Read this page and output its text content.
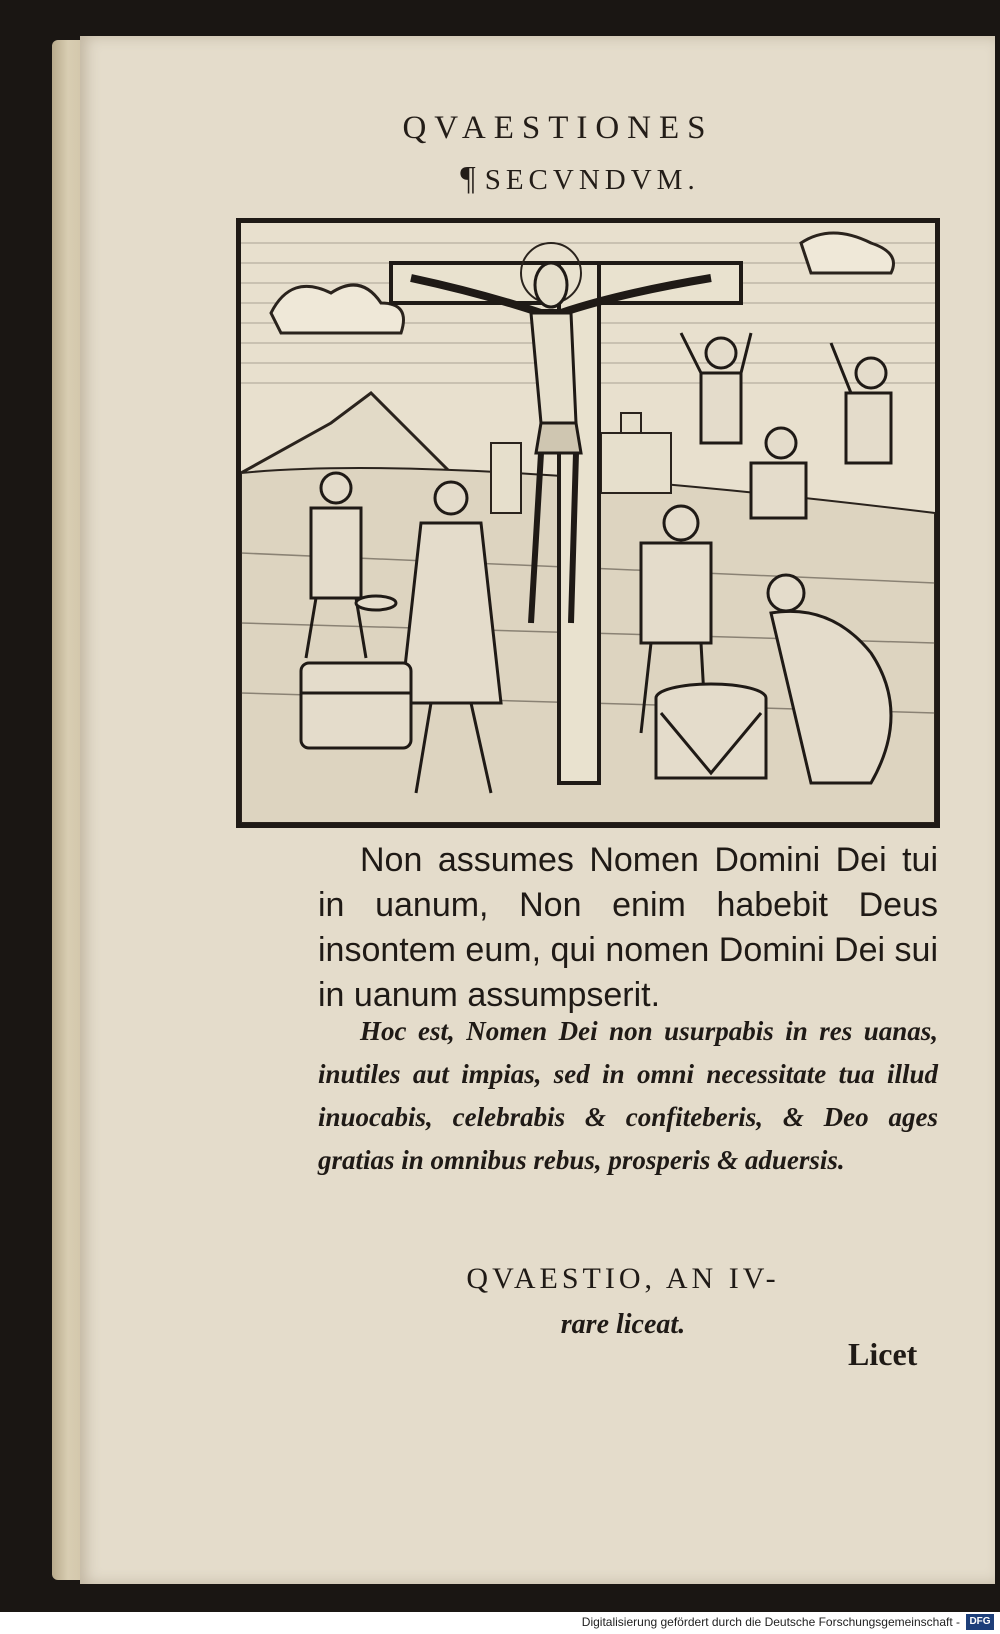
QVAESTIONES
¶ SECVNDVM.
Non assumes Nomen Domini Dei tui in uanum, Non enim habebit Deus insontem eum, qui nomen Domini Dei sui in uanum assumpserit.
Hoc est, Nomen Dei non usurpabis in res uanas, inutiles aut impias, sed in omni necessitate tua illud inuocabis, celebrabis & confiteberis, & Deo ages gratias in omnibus rebus, prosperis & aduersis.
QVAESTIO, AN IV-
rare liceat.
Licet
Digitalisierung gefördert durch die Deutsche Forschungsgemeinschaft - DFG
